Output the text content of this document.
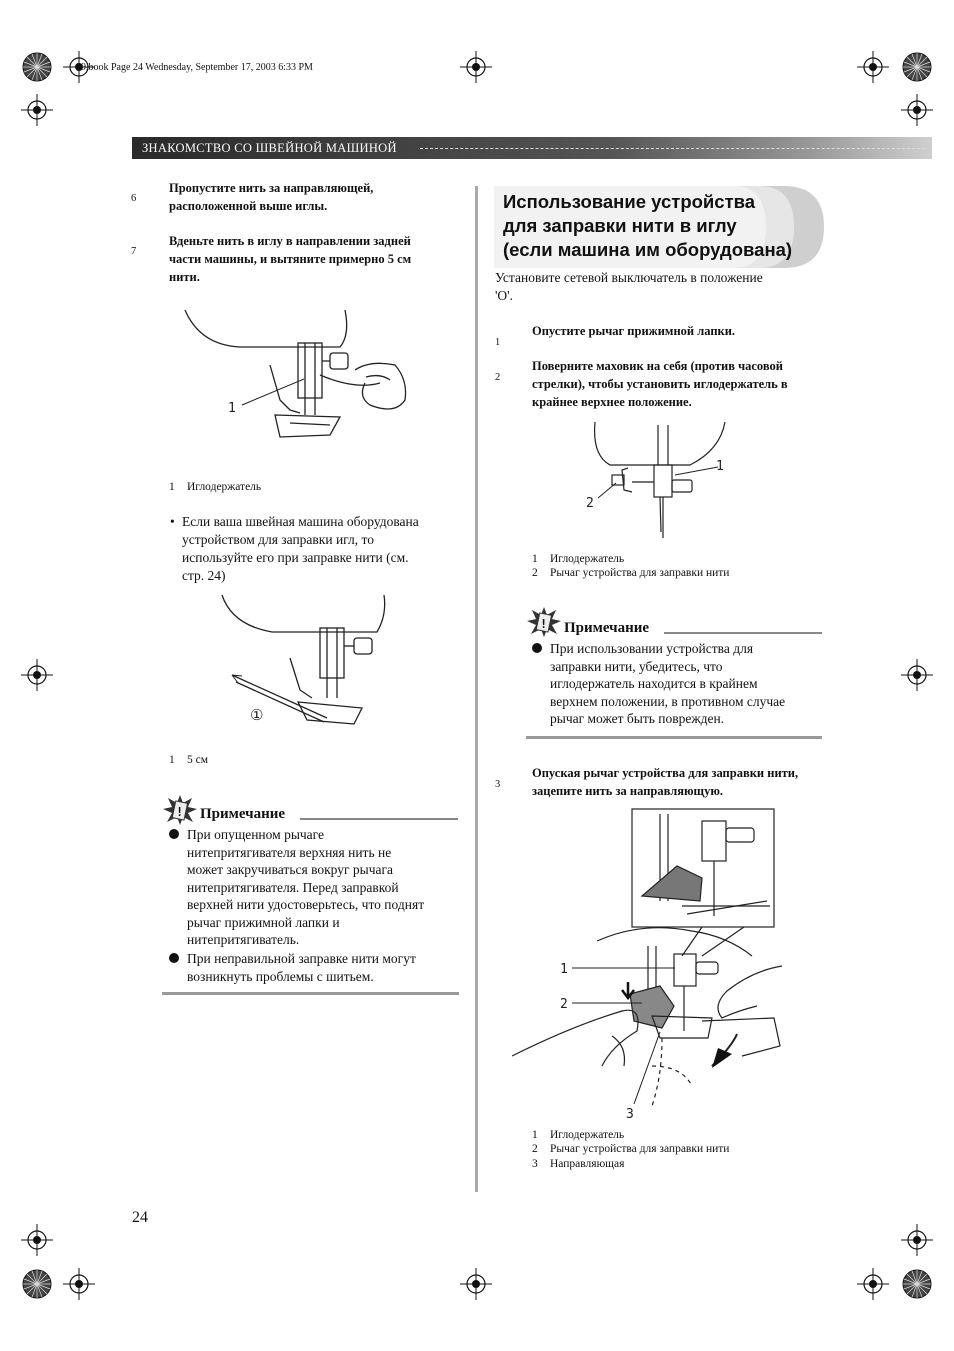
99.book Page 24 Wednesday, September 17, 2003 6:33 PM
ЗНАКОМСТВО СО ШВЕЙНОЙ МАШИНОЙ
6
Пропустите нить за направляющей,
расположенной выше иглы.
7
Вденьте нить в иглу в направлении задней
части машины, и вытяните примерно 5 см
нити.
1
1 Иглодержатель
• Если ваша швейная машина оборудована
устройством для заправки игл, то
используйте его при заправке нити (см.
стр. 24)
①
1 5 см
! Примечание
При опущенном рычаге
нитепритягивателя верхняя нить не
может закручиваться вокруг рычага
нитепритягивателя. Перед заправкой
верхней нити удостоверьтесь, что поднят
рычаг прижимной лапки и
нитепритягиватель.
При неправильной заправке нити могут
возникнуть проблемы с шитьем.
Использование устройства
для заправки нити в иглу
(если машина им оборудована)
Установите сетевой выключатель в положение
'O'.
1
Опустите рычаг прижимной лапки.
2
Поверните маховик на себя (против часовой
стрелки), чтобы установить иглодержатель в
крайнее верхнее положение.
1
2
1 Иглодержатель
2 Рычаг устройства для заправки нити
! Примечание
При использовании устройства для
заправки нити, убедитесь, что
иглодержатель находится в крайнем
верхнем положении, в противном случае
рычаг может быть поврежден.
3
Опуская рычаг устройства для заправки нити,
зацепите нить за направляющую.
1
2
3
1 Иглодержатель
2 Рычаг устройства для заправки нити
3 Направляющая
24
